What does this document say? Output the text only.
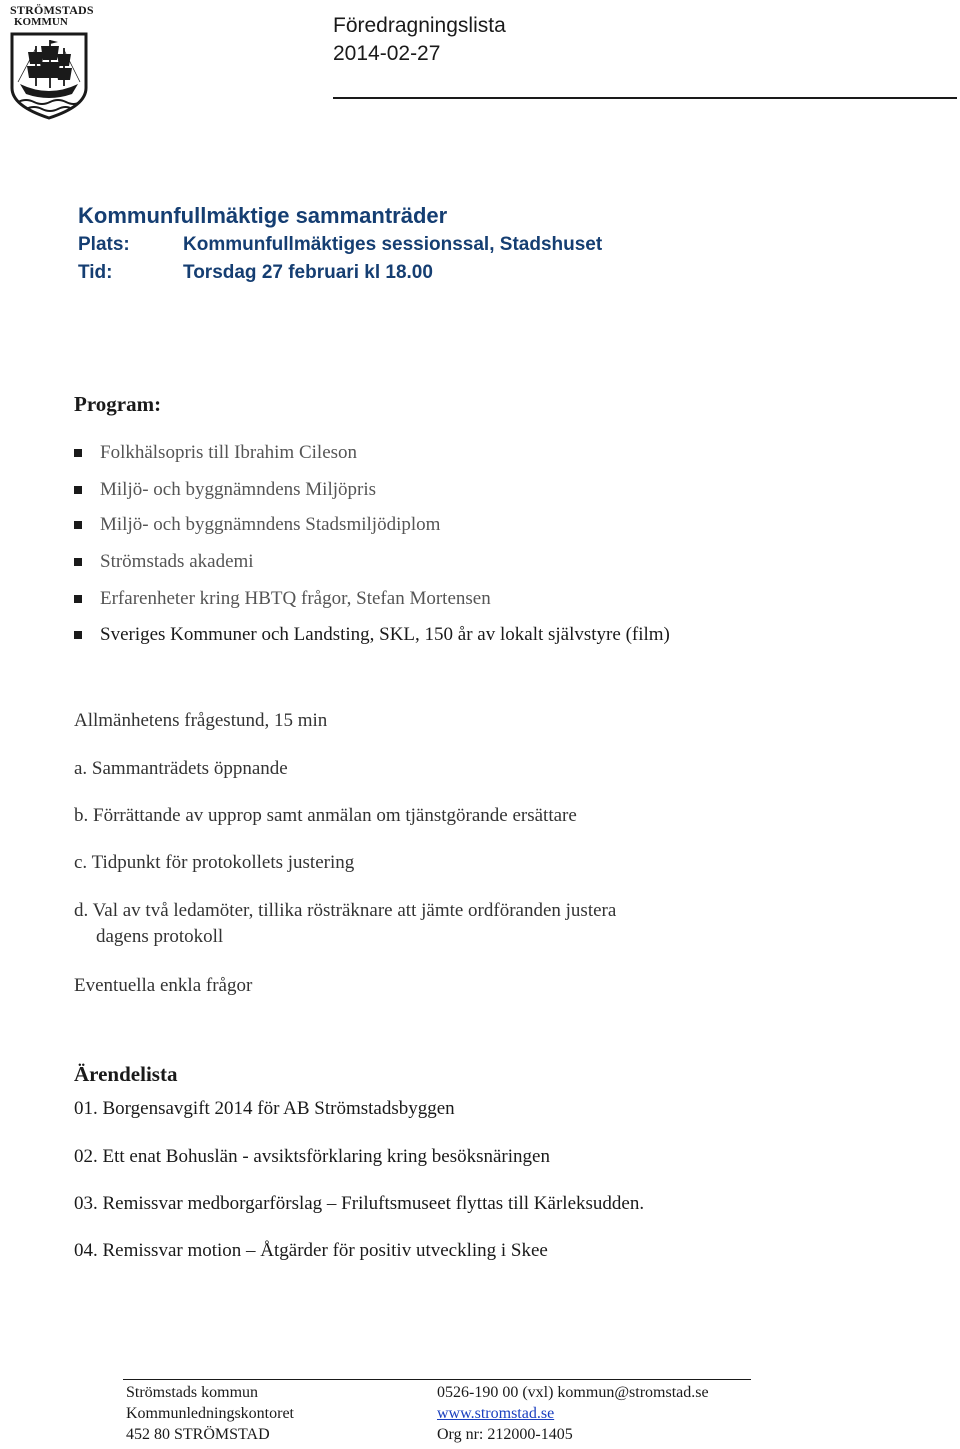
STRÖMSTADS
KOMMUN	Föredragningslista
2014-02-27
Kommunfullmäktige sammanträder
Plats:	Kommunfullmäktiges sessionssal, Stadshuset
Tid:	Torsdag 27 februari kl 18.00
Program:
Folkhälsopris till Ibrahim Cileson
Miljö- och byggnämndens Miljöpris
Miljö- och byggnämndens Stadsmiljödiplom
Strömstads akademi
Erfarenheter kring HBTQ frågor, Stefan Mortensen
Sveriges Kommuner och Landsting, SKL, 150 år av lokalt självstyre (film)
Allmänhetens frågestund, 15 min
a. Sammanträdets öppnande
b. Förrättande av upprop samt anmälan om tjänstgörande ersättare
c. Tidpunkt för protokollets justering
d. Val av två ledamöter, tillika rösträknare att jämte ordföranden justera
dagens protokoll
Eventuella enkla frågor
Ärendelista
01. Borgensavgift 2014 för AB Strömstadsbyggen
02. Ett enat Bohuslän - avsiktsförklaring kring besöksnäringen
03. Remissvar medborgarförslag – Friluftsmuseet flyttas till Kärleksudden.
04. Remissvar motion – Åtgärder för positiv utveckling i Skee
Strömstads kommun
Kommunledningskontoret
452 80 STRÖMSTAD
0526-190 00 (vxl) kommun@stromstad.se
www.stromstad.se
Org nr: 212000-1405
